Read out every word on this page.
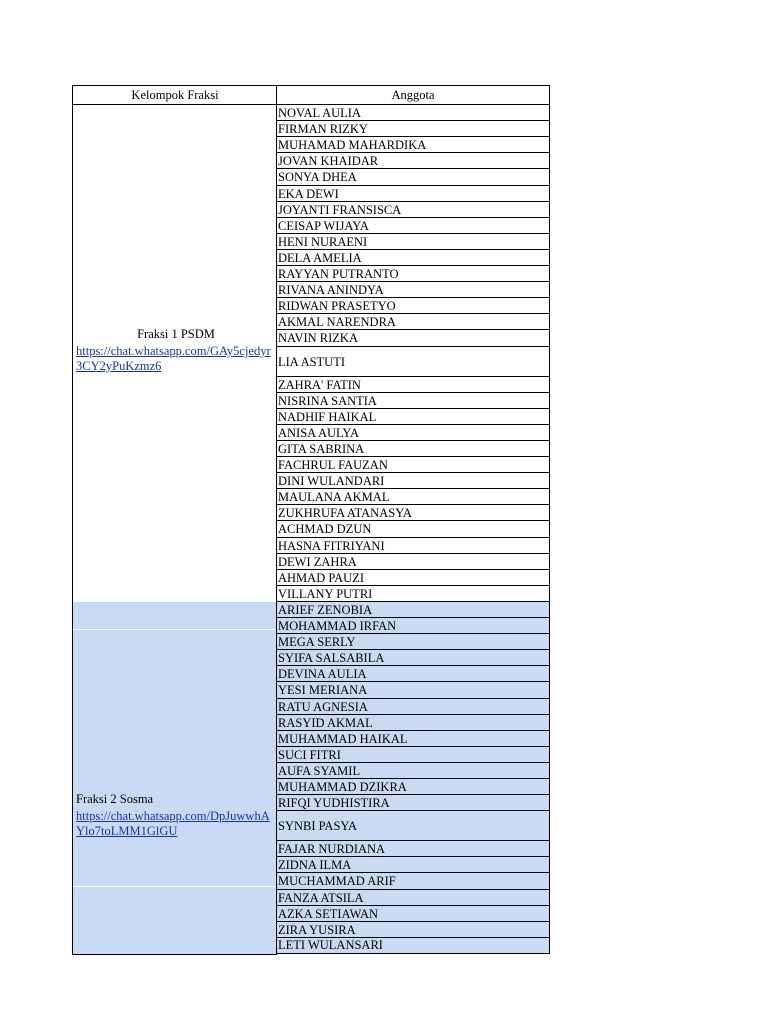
Kelompok Fraksi	Anggota
Fraksi 1 PSDM
https://chat.whatsapp.com/GAy5cjedyr3CY2yPuKzmz6
Fraksi 2 Sosma
https://chat.whatsapp.com/DpJuwwhAYlo7toLMM1GlGU
NOVAL AULIA
FIRMAN RIZKY
MUHAMAD MAHARDIKA
JOVAN KHAIDAR
SONYA DHEA
EKA DEWI
JOYANTI FRANSISCA
CEISAP WIJAYA
HENI NURAENI
DELA AMELIA
RAYYAN PUTRANTO
RIVANA ANINDYA
RIDWAN PRASETYO
AKMAL NARENDRA
NAVIN RIZKA
LIA ASTUTI
ZAHRA' FATIN
NISRINA SANTIA
NADHIF HAIKAL
ANISA AULYA
GITA SABRINA
FACHRUL FAUZAN
DINI WULANDARI
MAULANA AKMAL
ZUKHRUFA ATANASYA
ACHMAD DZUN
HASNA FITRIYANI
DEWI ZAHRA
AHMAD PAUZI
VILLANY PUTRI
ARIEF ZENOBIA
MOHAMMAD IRFAN
MEGA SERLY
SYIFA SALSABILA
DEVINA AULIA
YESI MERIANA
RATU AGNESIA
RASYID AKMAL
MUHAMMAD HAIKAL
SUCI FITRI
AUFA SYAMIL
MUHAMMAD DZIKRA
RIFQI YUDHISTIRA
SYNBI PASYA
FAJAR NURDIANA
ZIDNA ILMA
MUCHAMMAD ARIF
FANZA ATSILA
AZKA SETIAWAN
ZIRA YUSIRA
LETI WULANSARI
